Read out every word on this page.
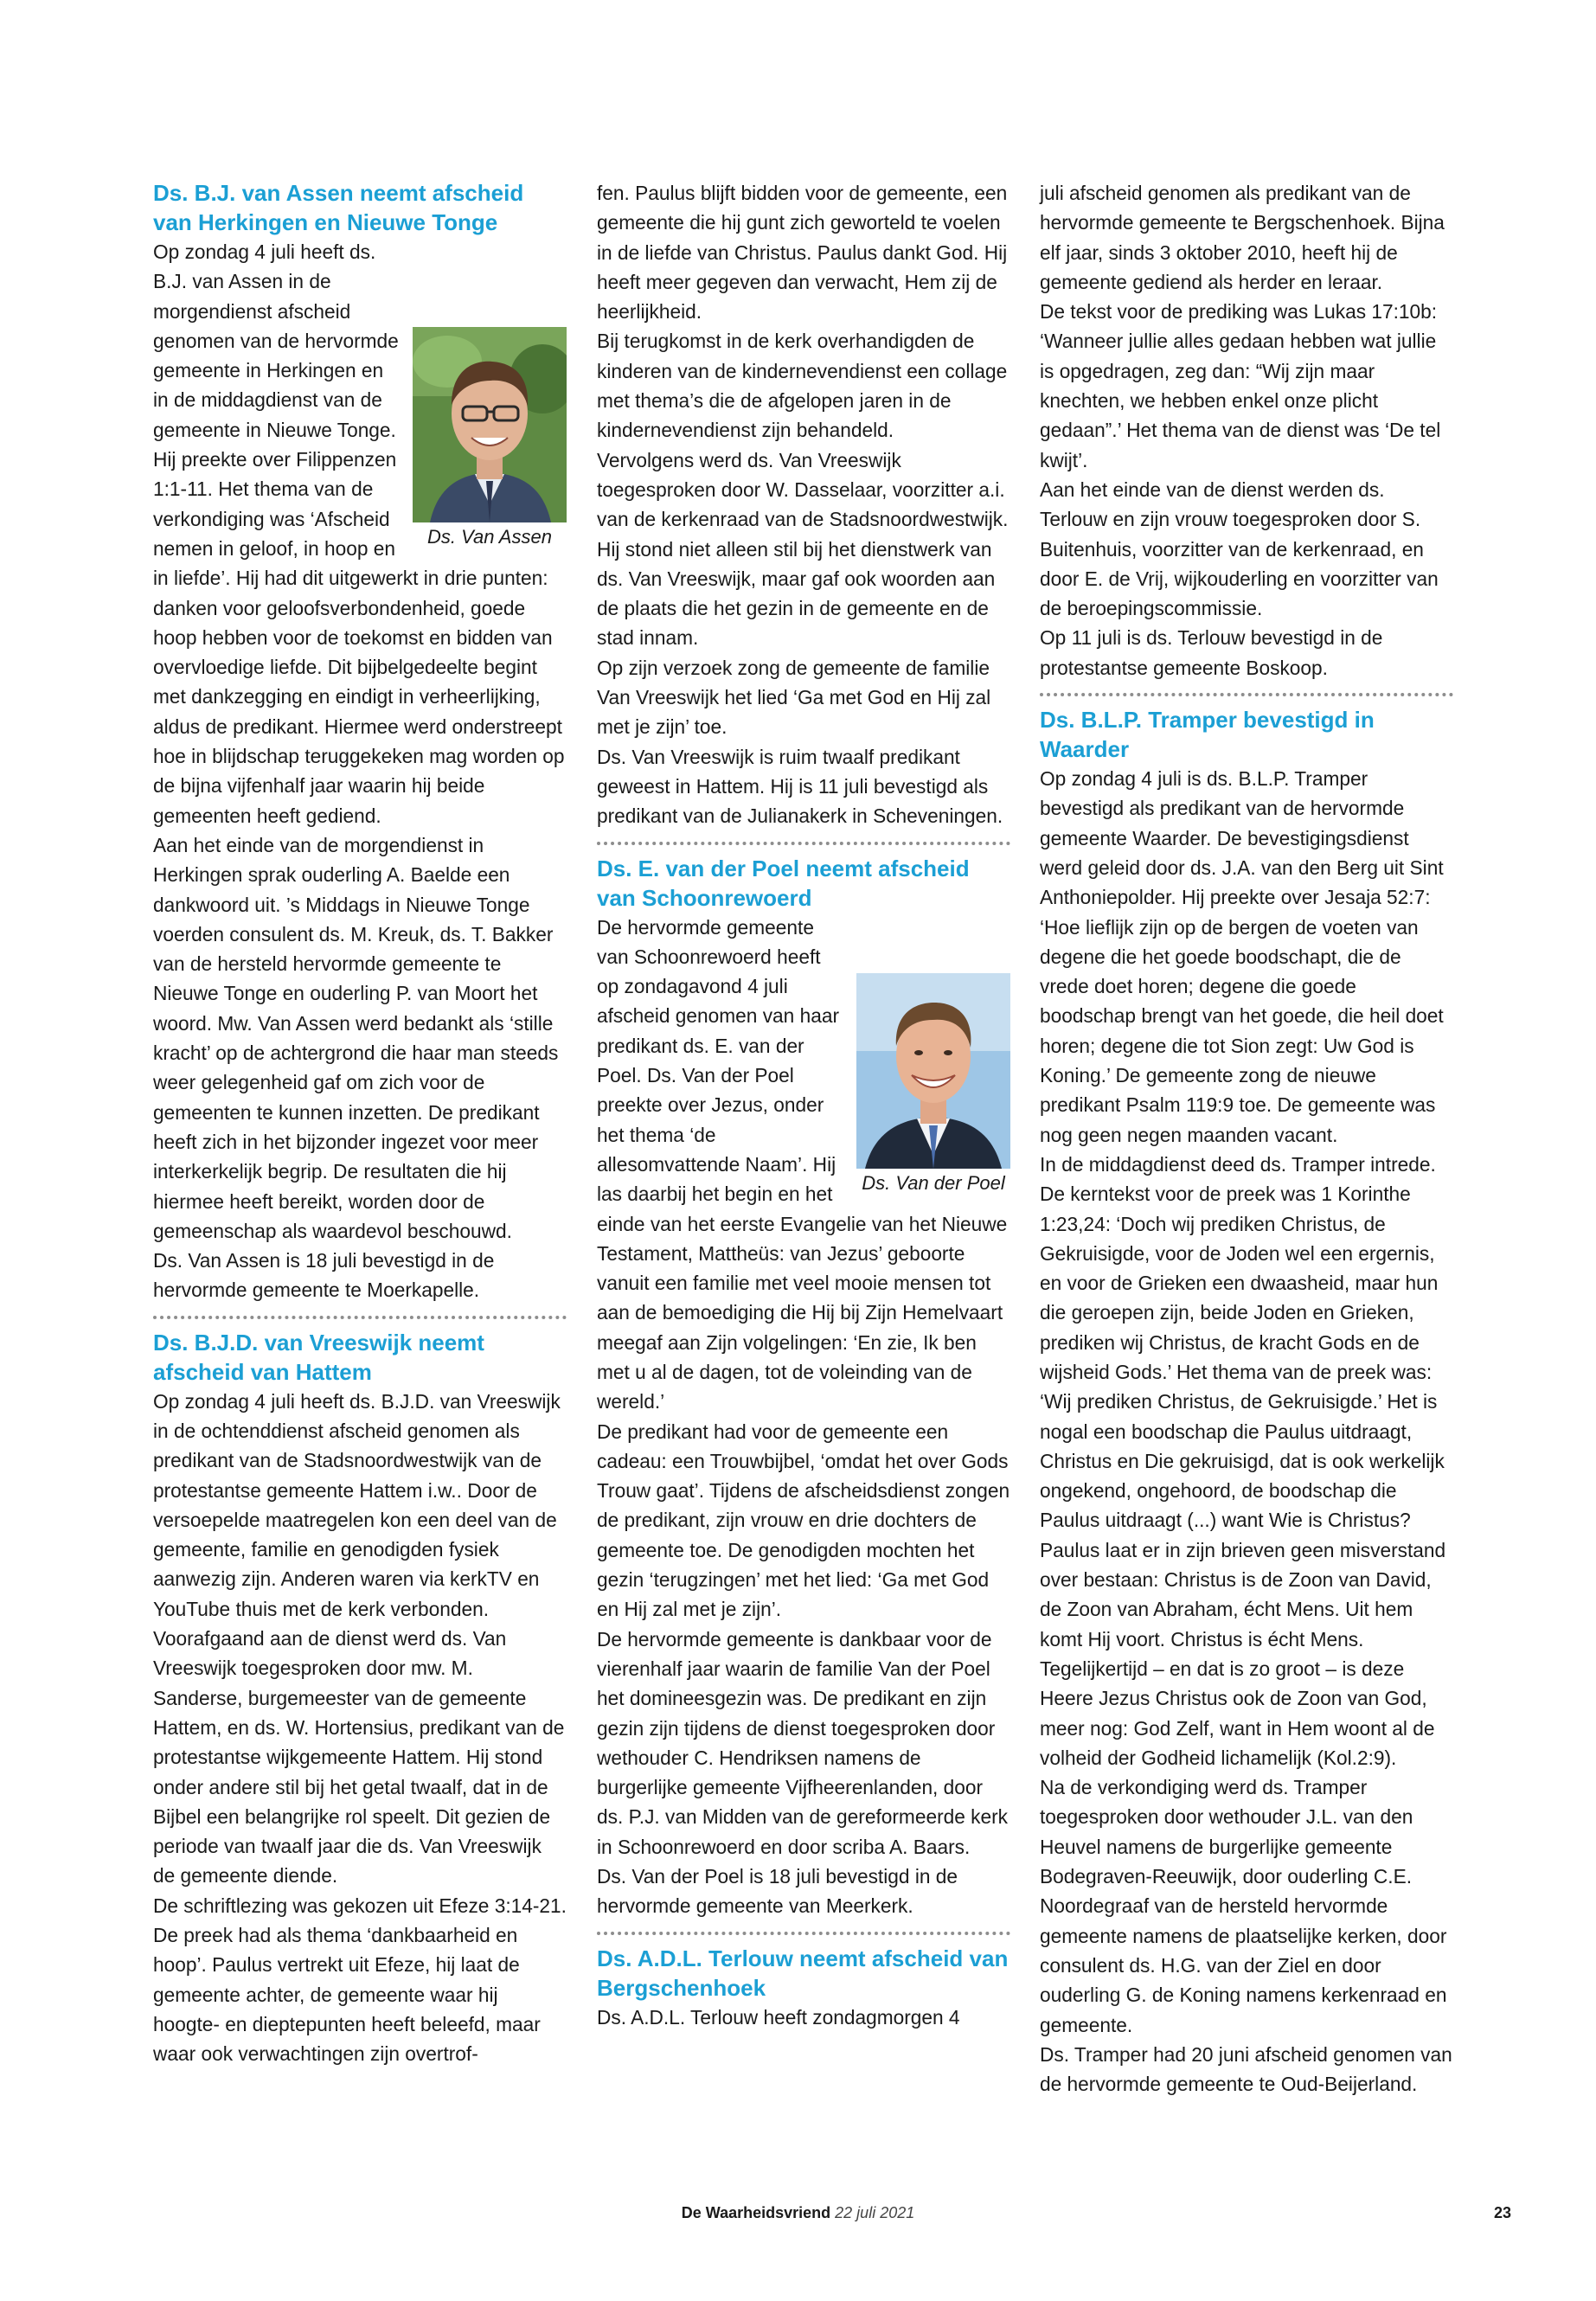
Ds. B.J. van Assen neemt afscheid van Herkingen en Nieuwe Tonge
Ds. Van Assen

Op zondag 4 juli heeft ds. B.J. van Assen in de morgendienst afscheid genomen van de hervormde gemeente in Herkingen en in de middagdienst van de gemeente in Nieuwe Tonge. Hij preekte over Filippenzen 1:1-11. Het thema van de verkondiging was ‘Afscheid nemen in geloof, in hoop en in liefde’. Hij had dit uitgewerkt in drie punten: danken voor geloofsverbondenheid, goede hoop hebben voor de toekomst en bidden van overvloedige liefde. Dit bijbelgedeelte begint met dankzegging en eindigt in verheerlijking, aldus de predikant. Hiermee werd onderstreept hoe in blijdschap teruggekeken mag worden op de bijna vijfenhalf jaar waarin hij beide gemeenten heeft gediend.

Aan het einde van de morgendienst in Herkingen sprak ouderling A. Baelde een dankwoord uit. ’s Middags in Nieuwe Tonge voerden consulent ds. M. Kreuk, ds. T. Bakker van de hersteld hervormde gemeente te Nieuwe Tonge en ouderling P. van Moort het woord. Mw. Van Assen werd bedankt als ‘stille kracht’ op de achtergrond die haar man steeds weer gelegenheid gaf om zich voor de gemeenten te kunnen inzetten. De predikant heeft zich in het bijzonder ingezet voor meer interkerkelijk begrip. De resultaten die hij hiermee heeft bereikt, worden door de gemeenschap als waardevol beschouwd.

Ds. Van Assen is 18 juli bevestigd in de hervormde gemeente te Moerkapelle.

Ds. B.J.D. van Vreeswijk neemt afscheid van Hattem

Op zondag 4 juli heeft ds. B.J.D. van Vreeswijk in de ochtenddienst afscheid genomen als predikant van de Stadsnoordwestwijk van de protestantse gemeente Hattem i.w.. Door de versoepelde maatregelen kon een deel van de gemeente, familie en genodigden fysiek aanwezig zijn. Anderen waren via kerkTV en YouTube thuis met de kerk verbonden.

Voorafgaand aan de dienst werd ds. Van Vreeswijk toegesproken door mw. M. Sanderse, burgemeester van de gemeente Hattem, en ds. W. Hortensius, predikant van de protestantse wijkgemeente Hattem. Hij stond onder andere stil bij het getal twaalf, dat in de Bijbel een belangrijke rol speelt. Dit gezien de periode van twaalf jaar die ds. Van Vreeswijk de gemeente diende.

De schriftlezing was gekozen uit Efeze 3:14-21. De preek had als thema ‘dankbaarheid en hoop’. Paulus vertrekt uit Efeze, hij laat de gemeente achter, de gemeente waar hij hoogte- en dieptepunten heeft beleefd, maar waar ook verwachtingen zijn overtrof-

fen. Paulus blijft bidden voor de gemeente, een gemeente die hij gunt zich geworteld te voelen in de liefde van Christus. Paulus dankt God. Hij heeft meer gegeven dan verwacht, Hem zij de heerlijkheid.

Bij terugkomst in de kerk overhandigden de kinderen van de kindernevendienst een collage met thema’s die de afgelopen jaren in de kindernevendienst zijn behandeld.

Vervolgens werd ds. Van Vreeswijk toegesproken door W. Dasselaar, voorzitter a.i. van de kerkenraad van de Stadsnoordwestwijk. Hij stond niet alleen stil bij het dienstwerk van ds. Van Vreeswijk, maar gaf ook woorden aan de plaats die het gezin in de gemeente en de stad innam.

Op zijn verzoek zong de gemeente de familie Van Vreeswijk het lied ‘Ga met God en Hij zal met je zijn’ toe.

Ds. Van Vreeswijk is ruim twaalf predikant geweest in Hattem. Hij is 11 juli bevestigd als predikant van de Julianakerk in Scheveningen.

Ds. E. van der Poel neemt afscheid van Schoonrewoerd
Ds. Van der Poel

De hervormde gemeente van Schoonrewoerd heeft op zondagavond 4 juli afscheid genomen van haar predikant ds. E. van der Poel. Ds. Van der Poel preekte over Jezus, onder het thema ‘de allesomvattende Naam’. Hij las daarbij het begin en het einde van het eerste Evangelie van het Nieuwe Testament, Mattheüs: van Jezus’ geboorte vanuit een familie met veel mooie mensen tot aan de bemoediging die Hij bij Zijn Hemelvaart meegaf aan Zijn volgelingen: ‘En zie, Ik ben met u al de dagen, tot de voleinding van de wereld.’

De predikant had voor de gemeente een cadeau: een Trouwbijbel, ‘omdat het over Gods Trouw gaat’. Tijdens de afscheidsdienst zongen de predikant, zijn vrouw en drie dochters de gemeente toe. De genodigden mochten het gezin ‘terugzingen’ met het lied: ‘Ga met God en Hij zal met je zijn’.

De hervormde gemeente is dankbaar voor de vierenhalf jaar waarin de familie Van der Poel het domineesgezin was. De predikant en zijn gezin zijn tijdens de dienst toegesproken door wethouder C. Hendriksen namens de burgerlijke gemeente Vijfheerenlanden, door ds. P.J. van Midden van de gereformeerde kerk in Schoonrewoerd en door scriba A. Baars.

Ds. Van der Poel is 18 juli bevestigd in de hervormde gemeente van Meerkerk.

Ds. A.D.L. Terlouw neemt afscheid van Bergschenhoek

Ds. A.D.L. Terlouw heeft zondagmorgen 4

juli afscheid genomen als predikant van de hervormde gemeente te Bergschenhoek. Bijna elf jaar, sinds 3 oktober 2010, heeft hij de gemeente gediend als herder en leraar.

De tekst voor de prediking was Lukas 17:10b: ‘Wanneer jullie alles gedaan hebben wat jullie is opgedragen, zeg dan: “Wij zijn maar knechten, we hebben enkel onze plicht gedaan”.’ Het thema van de dienst was ‘De tel kwijt’.

Aan het einde van de dienst werden ds. Terlouw en zijn vrouw toegesproken door S. Buitenhuis, voorzitter van de kerkenraad, en door E. de Vrij, wijkouderling en voorzitter van de beroepingscommissie.

Op 11 juli is ds. Terlouw bevestigd in de protestantse gemeente Boskoop.

Ds. B.L.P. Tramper bevestigd in Waarder

Op zondag 4 juli is ds. B.L.P. Tramper bevestigd als predikant van de hervormde gemeente Waarder. De bevestigingsdienst werd geleid door ds. J.A. van den Berg uit Sint Anthoniepolder. Hij preekte over Jesaja 52:7: ‘Hoe lieflijk zijn op de bergen de voeten van degene die het goede boodschapt, die de vrede doet horen; degene die goede boodschap brengt van het goede, die heil doet horen; degene die tot Sion zegt: Uw God is Koning.’ De gemeente zong de nieuwe predikant Psalm 119:9 toe. De gemeente was nog geen negen maanden vacant.

In de middagdienst deed ds. Tramper intrede. De kerntekst voor de preek was 1 Korinthe 1:23,24: ‘Doch wij prediken Christus, de Gekruisigde, voor de Joden wel een ergernis, en voor de Grieken een dwaasheid, maar hun die geroepen zijn, beide Joden en Grieken, prediken wij Christus, de kracht Gods en de wijsheid Gods.’ Het thema van de preek was: ‘Wij prediken Christus, de Gekruisigde.’ Het is nogal een boodschap die Paulus uitdraagt, Christus en Die gekruisigd, dat is ook werkelijk ongekend, ongehoord, de boodschap die Paulus uitdraagt (...) want Wie is Christus? Paulus laat er in zijn brieven geen misverstand over bestaan: Christus is de Zoon van David, de Zoon van Abraham, écht Mens. Uit hem komt Hij voort. Christus is écht Mens. Tegelijkertijd – en dat is zo groot – is deze Heere Jezus Christus ook de Zoon van God, meer nog: God Zelf, want in Hem woont al de volheid der Godheid lichamelijk (Kol.2:9).

Na de verkondiging werd ds. Tramper toegesproken door wethouder J.L. van den Heuvel namens de burgerlijke gemeente Bodegraven-Reeuwijk, door ouderling C.E. Noordegraaf van de hersteld hervormde gemeente namens de plaatselijke kerken, door consulent ds. H.G. van der Ziel en door ouderling G. de Koning namens kerkenraad en gemeente.

Ds. Tramper had 20 juni afscheid genomen van de hervormde gemeente te Oud-Beijerland.

De Waarheidsvriend 22 juli 2021	23
